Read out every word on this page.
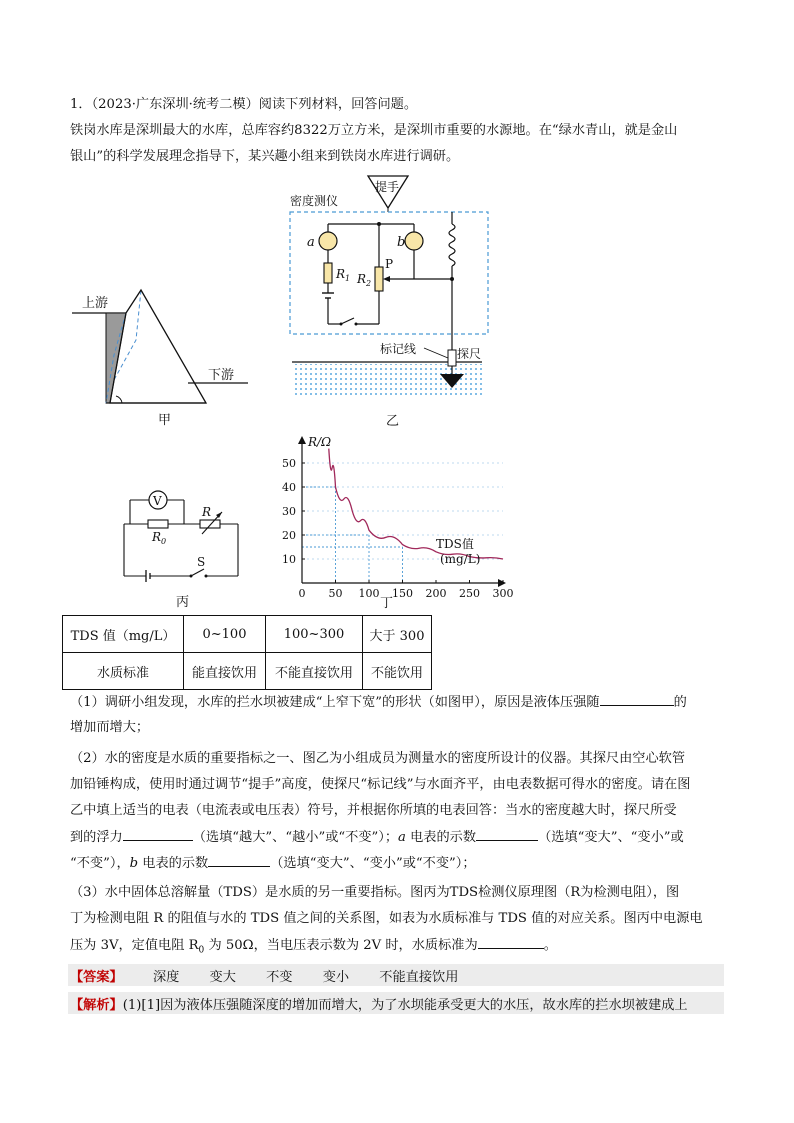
1．（2023·广东深圳·统考二模）阅读下列材料，回答问题。
铁岗水库是深圳最大的水库，总库容约8322万立方米，是深圳市重要的水源地。在“绿水青山，就是金山
银山”的科学发展理念指导下，某兴趣小组来到铁岗水库进行调研。
上游
下游
甲
提手
密度测仪
a
$R_1$ $R_2$
P
b
标记线	探尺
乙
V
R
$R_0$
S
丙
0 50 100 150 200 250 300
10
20
30
40
50
R/Ω
TDS值
(mg/L)
丁
TDS 值（mg/L）	0~100	100~300	大于 300
水质标准	能直接饮用	不能直接饮用	不能饮用
（1）调研小组发现，水库的拦水坝被建成“上窄下宽”的形状（如图甲），原因是液体压强随	的
增加而增大；
（2）水的密度是水质的重要指标之一、图乙为小组成员为测量水的密度所设计的仪器。其探尺由空心软管
加铅锤构成，使用时通过调节“提手”高度，使探尺“标记线”与水面齐平，由电表数据可得水的密度。请在图
乙中填上适当的电表（电流表或电压表）符号，并根据你所填的电表回答：当水的密度越大时，探尺所受
到的浮力	（选填“越大”、“越小”或“不变”）；a 电表的示数	（选填“变大”、“变小”或
“不变”），b 电表的示数	（选填“变大”、“变小”或“不变”）；
（3）水中固体总溶解量（TDS）是水质的另一重要指标。图丙为TDS检测仪原理图（R为检测电阻），图
丁为检测电阻 R 的阻值与水的 TDS 值之间的关系图，如表为水质标准与 TDS 值的对应关系。图丙中电源电
压为 3V，定值电阻 $R_0$ 为 50Ω，当电压表示数为 2V 时，水质标准为	。
【答案】 深度 变大 不变 变小 不能直接饮用
【解析】(1)[1]因为液体压强随深度的增加而增大，为了水坝能承受更大的水压，故水库的拦水坝被建成上
